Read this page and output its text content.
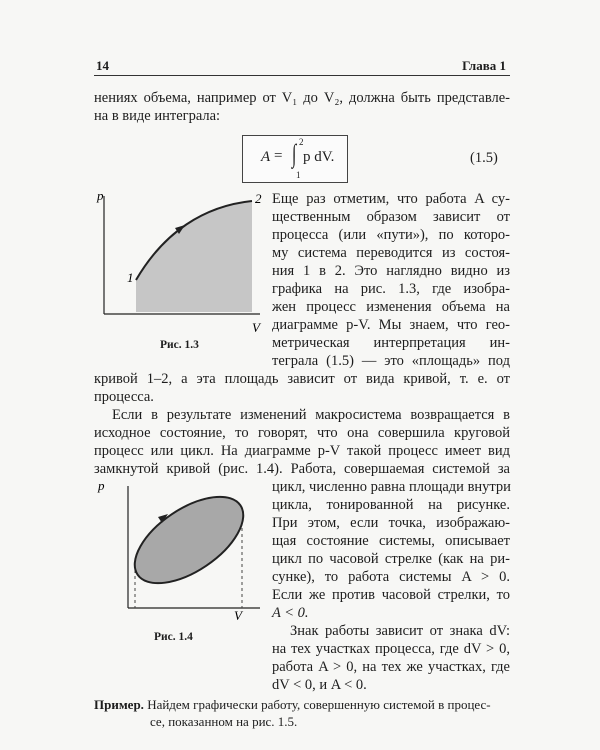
14	Глава 1
нениях объема, например от V₁ до V₂, должна быть представле-
на в виде интеграла:
A = ∫ 2
1
p dV.	(1.5)
p
V
1
2
Рис. 1.3
Еще раз отметим, что работа A су-
щественным образом зависит от
процесса (или «пути»), по которо-
му система переводится из состоя-
ния 1 в 2. Это наглядно видно из
графика на рис. 1.3, где изобра-
жен процесс изменения объема на
диаграмме p-V. Мы знаем, что гео-
метрическая интерпретация ин-
теграла (1.5) — это «площадь» под
кривой 1–2, а эта площадь зависит от вида кривой, т. е. от
процесса.
Если в результате изменений макросистема возвращается в
исходное состояние, то говорят, что она совершила круговой
процесс или цикл. На диаграмме p-V такой процесс имеет вид
замкнутой кривой (рис. 1.4). Работа, совершаемая системой за
p
V
Рис. 1.4
цикл, численно равна площади внутри
цикла, тонированной на рисунке.
При этом, если точка, изображаю-
щая состояние системы, описывает
цикл по часовой стрелке (как на ри-
сунке), то работа системы A > 0.
Если же против часовой стрелки, то
A < 0.
Знак работы зависит от знака dV:
на тех участках процесса, где dV > 0,
работа A > 0, на тех же участках, где
dV < 0, и A < 0.
Пример. Найдем графически работу, совершенную системой в процес-
се, показанном на рис. 1.5.
